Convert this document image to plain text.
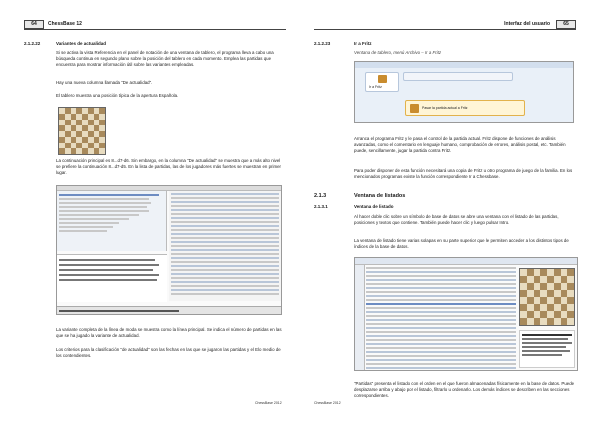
64	ChessBase 12
2.1.2.22	Variantes de actualidad

Si se activa la vista Referencia en el panel de notación de una ventana de tablero, el programa lleva a cabo una búsqueda continua en segundo plano sobre la posición del tablero en cada momento. Emplea las partidas que encuentra para mostrar información útil sobre las variantes empleadas.

Hay una nueva columna llamada "De actualidad".

El tablero muestra una posición típica de la apertura Española.

La continuación principal es 8...d7-d6. Sin embargo, en la columna "De actualidad" se muestra que a más alto nivel se prefiere la continuación 8...d7-d5. En la lista de partidas, las de los jugadores más fuertes se muestran en primer lugar.

La variante completa de la línea de moda se muestra como la línea principal. Se indica el número de partidas en las que se ha jugado la variante de actualidad.

Los criterios para la clasificación "de actualidad" son las fechas en las que se jugaron las partidas y el Elo medio de los contendientes.

ChessBase 2012
Interfaz del usuario	65
2.1.2.23	Ir a Fritz

Ventana de tablero, menú Archivo – Ir a Fritz

Ir a Fritz
Pasar la partida actual a Fritz

Arranca el programa Fritz y le pasa el control de la partida actual. Fritz dispone de funciones de análisis avanzadas, como el comentario en lenguaje humano, comprobación de errores, análisis postal, etc. También puede, sencillamente, jugar la partida contra Fritz.

Para poder disponer de esta función necesitará una copia de Fritz u otro programa de juego de la familia. En los mencionados programas existe la función correspondiente Ir a Chessbase.

2.1.3	Ventana de listados
2.1.3.1	Ventana de listado

Al hacer doble clic sobre un símbolo de base de datos se abre una ventana con el listado de las partidas, posiciones y textos que contiene. También puede hacer clic y luego pulsar Intro.

La ventana de listado tiene varias solapas en su parte superior que le permiten acceder a los distintos tipos de índices de la base de datos.

"Partidas" presenta el listado con el orden en el que fueron almacenadas físicamente en la base de datos. Puede desplazarse arriba y abajo por el listado, filtrarlo u ordenarlo. Los demás índices se describen en las secciones correspondientes.

ChessBase 2012
